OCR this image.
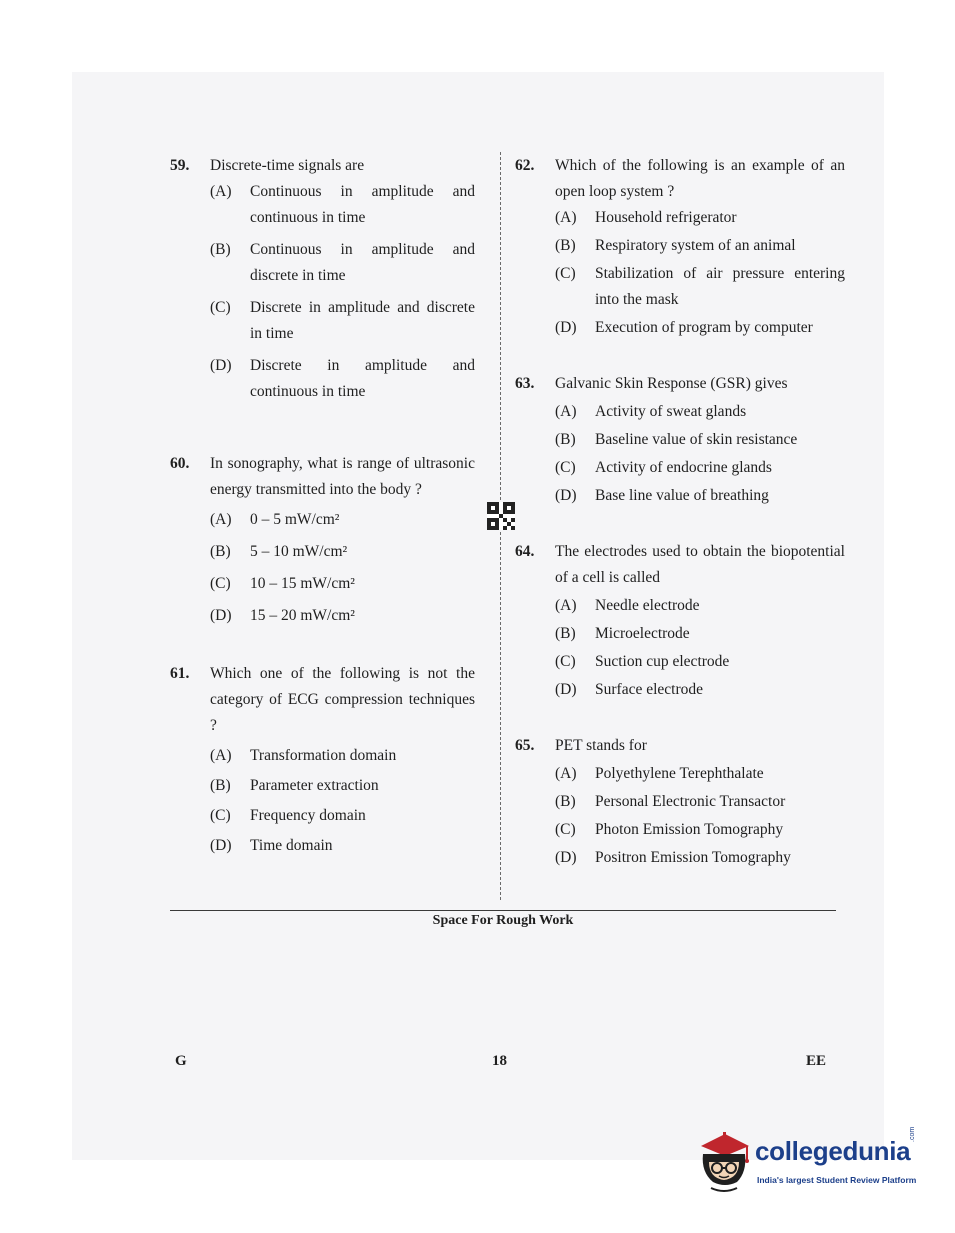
59.	Discrete-time signals are
(A)	Continuous in amplitude and continuous in time
(B)	Continuous in amplitude and discrete in time
(C)	Discrete in amplitude and discrete in time
(D)	Discrete in amplitude and continuous in time
60.	In sonography, what is range of ultrasonic energy transmitted into the body ?
(A)	0 – 5 mW/cm²
(B)	5 – 10 mW/cm²
(C)	10 – 15 mW/cm²
(D)	15 – 20 mW/cm²
61.	Which one of the following is not the category of ECG compression techniques ?
(A)	Transformation domain
(B)	Parameter extraction
(C)	Frequency domain
(D)	Time domain
62.	Which of the following is an example of an open loop system ?
(A)	Household refrigerator
(B)	Respiratory system of an animal
(C)	Stabilization of air pressure entering into the mask
(D)	Execution of program by computer
63.	Galvanic Skin Response (GSR) gives
(A)	Activity of sweat glands
(B)	Baseline value of skin resistance
(C)	Activity of endocrine glands
(D)	Base line value of breathing
64.	The electrodes used to obtain the biopotential of a cell is called
(A)	Needle electrode
(B)	Microelectrode
(C)	Suction cup electrode
(D)	Surface electrode
65.	PET stands for
(A)	Polyethylene Terephthalate
(B)	Personal Electronic Transactor
(C)	Photon Emission Tomography
(D)	Positron Emission Tomography
Space For Rough Work
G	18	EE
collegedunia
.com
India's largest Student Review Platform
